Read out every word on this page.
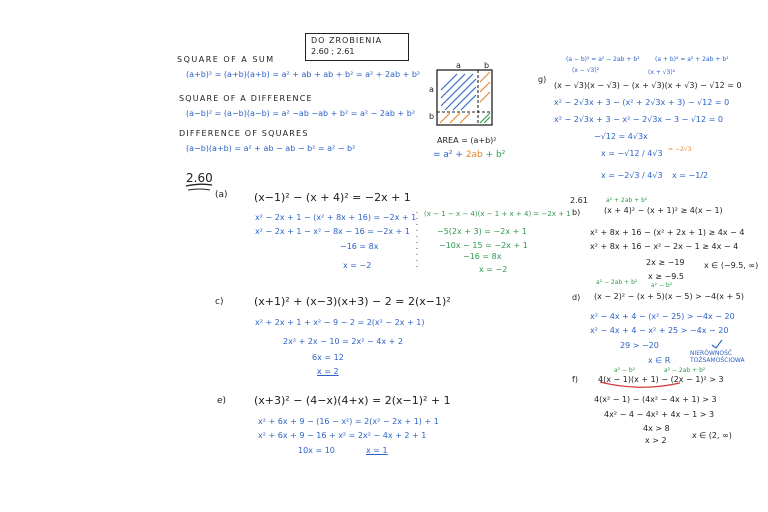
DO ZROBIENIA
2.60 ; 2.61
SQUARE OF A SUM
(a+b)² = (a+b)(a+b) = a² + ab + ab + b² = a² + 2ab + b²
SQUARE OF A DIFFERENCE
(a−b)² = (a−b)(a−b) = a² −ab −ab + b² = a² − 2ab + b²
DIFFERENCE OF SQUARES
(a−b)(a+b) = a² + ab − ab − b² = a² − b²
a	b
a
b
AREA = (a+b)²
= a² + 2ab + b²
2.60
(a) (x−1)² − (x + 4)² = −2x + 1
x² − 2x + 1 − (x² + 8x + 16) = −2x + 1
x² − 2x + 1 − x² − 8x − 16 = −2x + 1
−16 = 8x
x = −2
(x − 1 − x − 4)(x − 1 + x + 4) = −2x + 1
−5(2x + 3) = −2x + 1
−10x − 15 = −2x + 1
−16 = 8x
x = −2
c)	(x+1)² + (x−3)(x+3) − 2 = 2(x−1)²
x² + 2x + 1 + x² − 9 − 2 = 2(x² − 2x + 1)
2x² + 2x − 10 = 2x² − 4x + 2
6x = 12
x = 2
e)	(x+3)² − (4−x)(4+x) = 2(x−1)² + 1
x² + 6x + 9 − (16 − x²) = 2(x² − 2x + 1) + 1
x² + 6x + 9 − 16 + x² = 2x² − 4x + 2 + 1
10x = 10	x = 1
(a − b)² = a² − 2ab + b²
(x − √3)²
(a + b)² = a² + 2ab + b²
(x + √3)²
g)
(x − √3)(x − √3) − (x + √3)(x + √3) − √12 = 0
x² − 2√3x + 3 − (x² + 2√3x + 3) − √12 = 0
x² − 2√3x + 3 − x² − 2√3x − 3 − √12 = 0
−√12 = 4√3x
x = −√12 / 4√3 = −2√3
x = −2√3 / 4√3 x = −1/2
2.61
b)
a² + 2ab + b²
(x + 4)² − (x + 1)² ≥ 4(x − 1)
x² + 8x + 16 − (x² + 2x + 1) ≥ 4x − 4
x² + 8x + 16 − x² − 2x − 1 ≥ 4x − 4
2x ≥ −19
x ≥ −9.5
x ∈ ⟨−9.5, ∞)
a² − 2ab + b² a² − b²
d) (x − 2)² − (x + 5)(x − 5) > −4(x + 5)
x² − 4x + 4 − (x² − 25) > −4x − 20
x² − 4x + 4 − x² + 25 > −4x − 20
29 > −20
x ∈ R
NIERÓWNOŚĆ TOŻSAMOŚCIOWA
a² − b²	a² − 2ab + b²
f)	4(x − 1)(x + 1) − (2x − 1)² > 3
4(x² − 1) − (4x² − 4x + 1) > 3
4x² − 4 − 4x² + 4x − 1 > 3
4x > 8
x > 2
x ∈ (2, ∞)
